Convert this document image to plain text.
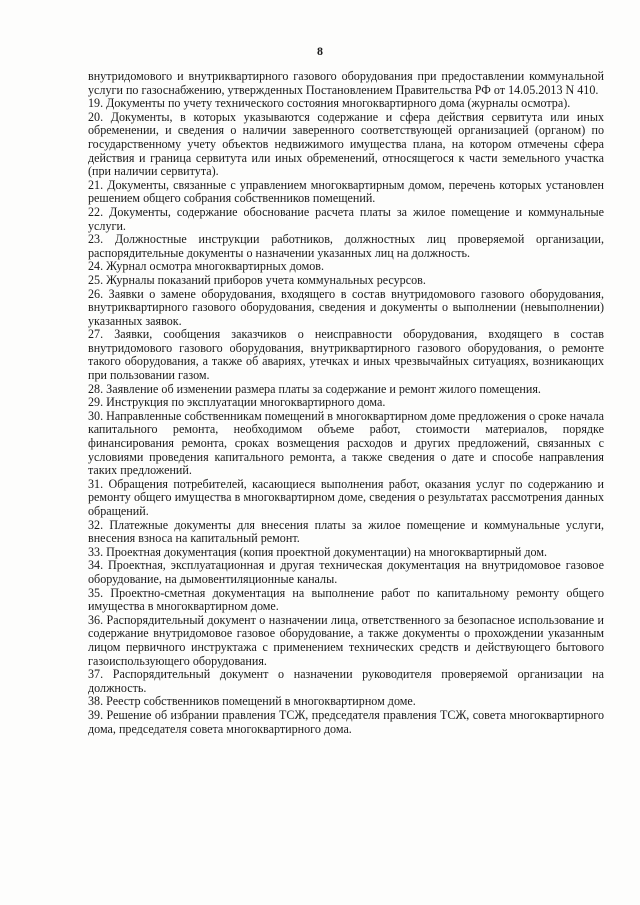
8

внутридомового и внутриквартирного газового оборудования при предоставлении коммунальной услуги по газоснабжению, утвержденных Постановлением Правительства РФ от 14.05.2013 N 410.

19. Документы по учету технического состояния многоквартирного дома (журналы осмотра).

20. Документы, в которых указываются содержание и сфера действия сервитута или иных обременении, и сведения о наличии заверенного соответствующей организацией (органом) по государственному учету объектов недвижимого имущества плана, на котором отмечены сфера действия и граница сервитута или иных обременений, относящегося к части земельного участка (при наличии сервитута).

21. Документы, связанные с управлением многоквартирным домом, перечень которых установлен решением общего собрания собственников помещений.

22. Документы, содержание обоснование расчета платы за жилое помещение и коммунальные услуги.

23. Должностные инструкции работников, должностных лиц проверяемой организации, распорядительные документы о назначении указанных лиц на должность.

24. Журнал осмотра многоквартирных домов.

25. Журналы показаний приборов учета коммунальных ресурсов.

26. Заявки о замене оборудования, входящего в состав внутридомового газового оборудования, внутриквартирного газового оборудования, сведения и документы о выполнении (невыполнении) указанных заявок.

27. Заявки, сообщения заказчиков о неисправности оборудования, входящего в состав внутридомового газового оборудования, внутриквартирного газового оборудования, о ремонте такого оборудования, а также об авариях, утечках и иных чрезвычайных ситуациях, возникающих при пользовании газом.

28. Заявление об изменении размера платы за содержание и ремонт жилого помещения.

29. Инструкция по эксплуатации многоквартирного дома.

30. Направленные собственникам помещений в многоквартирном доме предложения о сроке начала капитального ремонта, необходимом объеме работ, стоимости материалов, порядке финансирования ремонта, сроках возмещения расходов и других предложений, связанных с условиями проведения капитального ремонта, а также сведения о дате и способе направления таких предложений.

31. Обращения потребителей, касающиеся выполнения работ, оказания услуг по содержанию и ремонту общего имущества в многоквартирном доме, сведения о результатах рассмотрения данных обращений.

32. Платежные документы для внесения платы за жилое помещение и коммунальные услуги, внесения взноса на капитальный ремонт.

33. Проектная документация (копия проектной документации) на многоквартирный дом.

34. Проектная, эксплуатационная и другая техническая документация на внутридомовое газовое оборудование, на дымовентиляционные каналы.

35. Проектно-сметная документация на выполнение работ по капитальному ремонту общего имущества в многоквартирном доме.

36. Распорядительный документ о назначении лица, ответственного за безопасное использование и содержание внутридомовое газовое оборудование, а также документы о прохождении указанным лицом первичного инструктажа с применением технических средств и действующего бытового газоиспользующего оборудования.

37. Распорядительный документ о назначении руководителя проверяемой организации на должность.

38. Реестр собственников помещений в многоквартирном доме.

39. Решение об избрании правления ТСЖ, председателя правления ТСЖ, совета многоквартирного дома, председателя совета многоквартирного дома.
